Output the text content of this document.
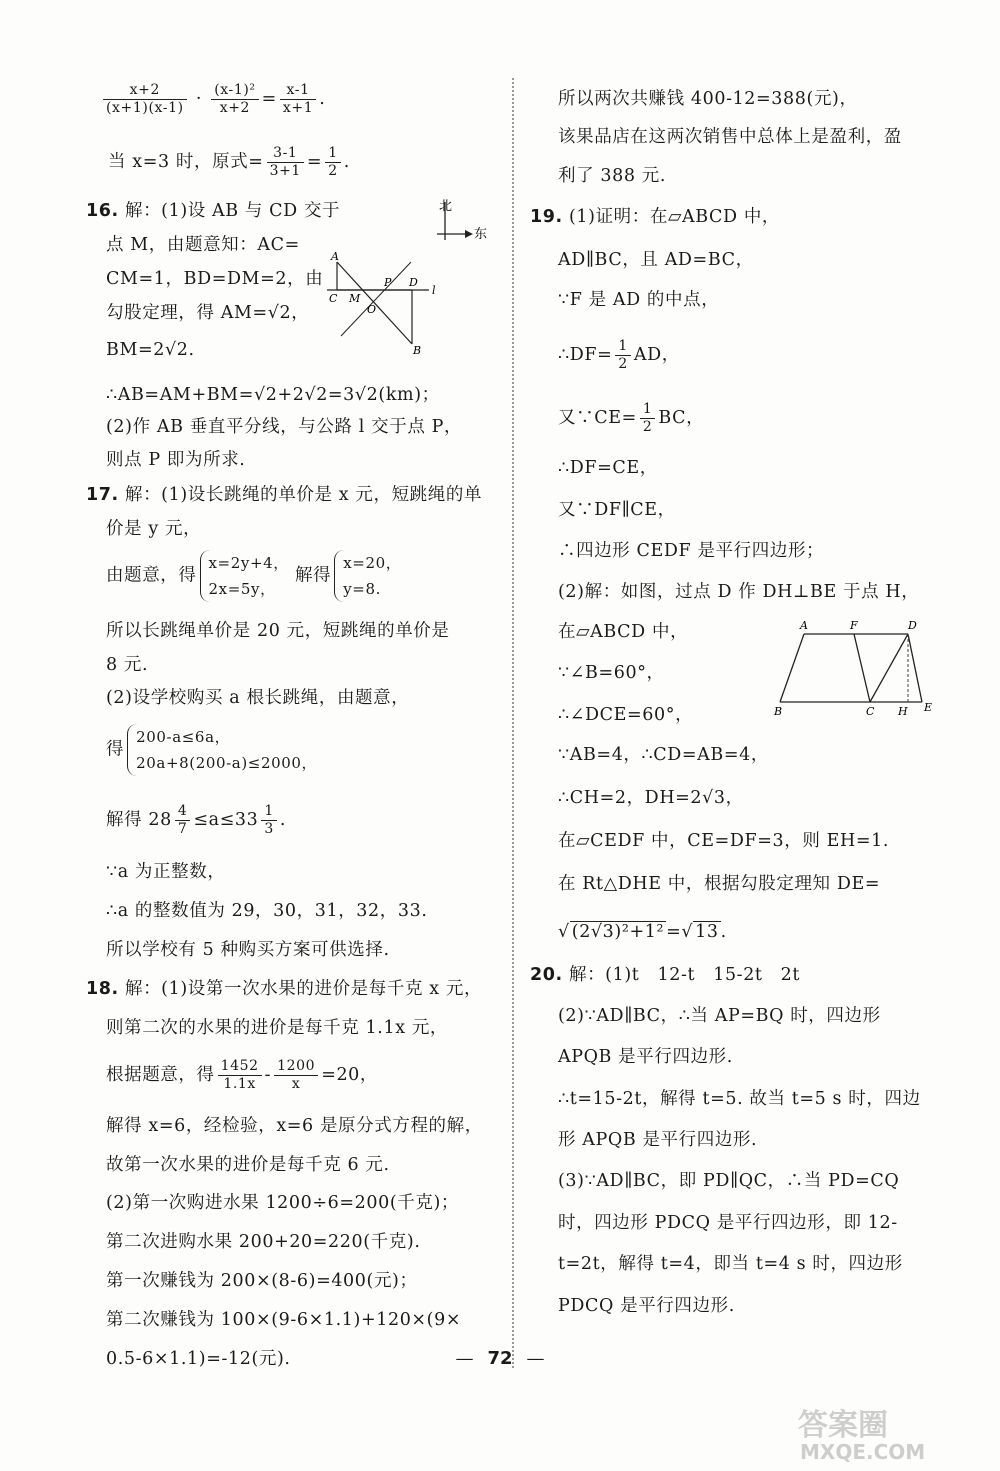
$\frac{x+2}{(x+1)(x-1)} \cdot \frac{\text{(x-1)²}}{x+2} = \frac{x-1}{x+1}$ .
当 x=3 时，原式= $\frac{3-1}{3+1} = \frac{1}{2}$ .
16. 解：(1)设 AB 与 CD 交于
点 M，由题意知：AC=
CM=1，BD=DM=2，由
勾股定理，得 AM=√2，
BM=2√2.
∴AB=AM+BM=√2+2√2=3√2(km)；
(2)作 AB 垂直平分线，与公路 l 交于点 P，
则点 P 即为所求.
17. 解：(1)设长跳绳的单价是 x 元，短跳绳的单
价是 y 元，
由题意，得
x=2y+4，
2x=5y，
解得
x=20，
y=8.
所以长跳绳单价是 20 元，短跳绳的单价是
8 元.
(2)设学校购买 a 根长跳绳，由题意，
得
200-a≤6a，
20a+8(200-a)≤2000，
解得 $28 \frac{4}{7} \le a\le 33 \frac{1}{3}$ .
∵a 为正整数，
∴a 的整数值为 29，30，31，32，33.
所以学校有 5 种购买方案可供选择.
18. 解：(1)设第一次水果的进价是每千克 x 元，
则第二次的水果的进价是每千克 1.1x 元，
根据题意，得 $\frac{1452}{1.1x} - \frac{1200}{x} =20$，
解得 x=6，经检验，x=6 是原分式方程的解，
故第一次水果的进价是每千克 6 元.
(2)第一次购进水果 1200÷6=200(千克)；
第二次进购水果 200+20=220(千克).
第一次赚钱为 200×(8-6)=400(元)；
第二次赚钱为 100×(9-6×1.1)+120×(9×
0.5-6×1.1)=-12(元).
北
东
A
C M
O
P D
B
l
所以两次共赚钱 400-12=388(元)，
该果品店在这两次销售中总体上是盈利，盈
利了 388 元.
19. (1)证明：在▱ABCD 中，
AD∥BC，且 AD=BC，
∵F 是 AD 的中点，
∴DF= $\frac{1}{2}$ AD，
又∵CE= $\frac{1}{2}$ BC，
∴DF=CE，
又∵DF∥CE，
∴四边形 CEDF 是平行四边形；
(2)解：如图，过点 D 作 DH⊥BE 于点 H，
在▱ABCD 中，
∵∠B=60°，
∴∠DCE=60°，
∵AB=4，∴CD=AB=4，
∴CH=2，DH=2√3，
在▱CEDF 中，CE=DF=3，则 EH=1.
在 Rt△DHE 中，根据勾股定理知 DE=
√ (2√3)²+1² =√ 13 .
20. 解：(1)t　12-t　15-2t　2t
(2)∵AD∥BC，∴当 AP=BQ 时，四边形
APQB 是平行四边形.
∴t=15-2t，解得 t=5. 故当 t=5 s 时，四边
形 APQB 是平行四边形.
(3)∵AD∥BC，即 PD∥QC，∴当 PD=CQ
时，四边形 PDCQ 是平行四边形，即 12-
t=2t，解得 t=4，即当 t=4 s 时，四边形
PDCQ 是平行四边形.
A	F	D
B	C H E
— 72 —
答案圈
MXQE.COM
